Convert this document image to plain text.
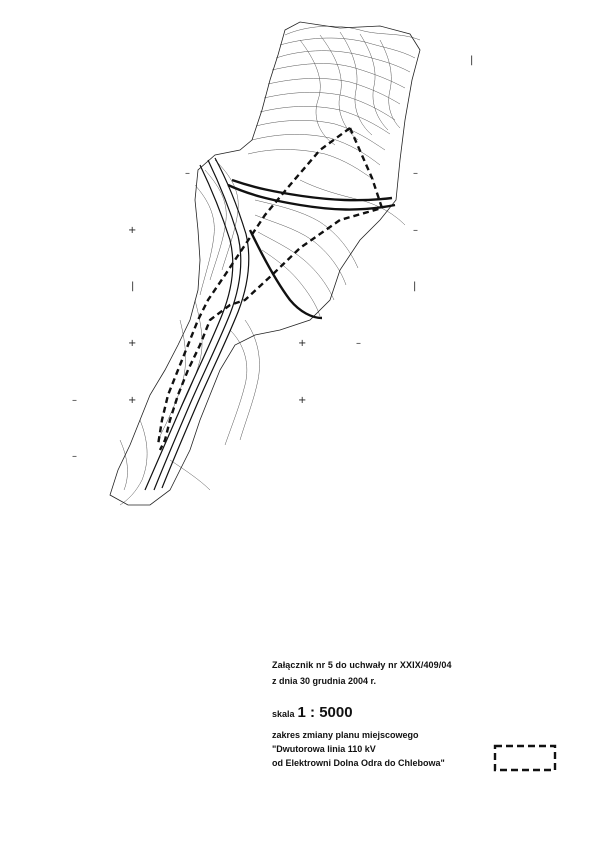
|
–	–
+	–
|	|
+	+	–
–	+	+
–
Załącznik nr 5 do uchwały nr XXIX/409/04
z dnia 30 grudnia 2004 r.
skala 1 : 5000
zakres zmiany planu miejscowego
"Dwutorowa linia 110 kV
od Elektrowni Dolna Odra do Chlebowa"
